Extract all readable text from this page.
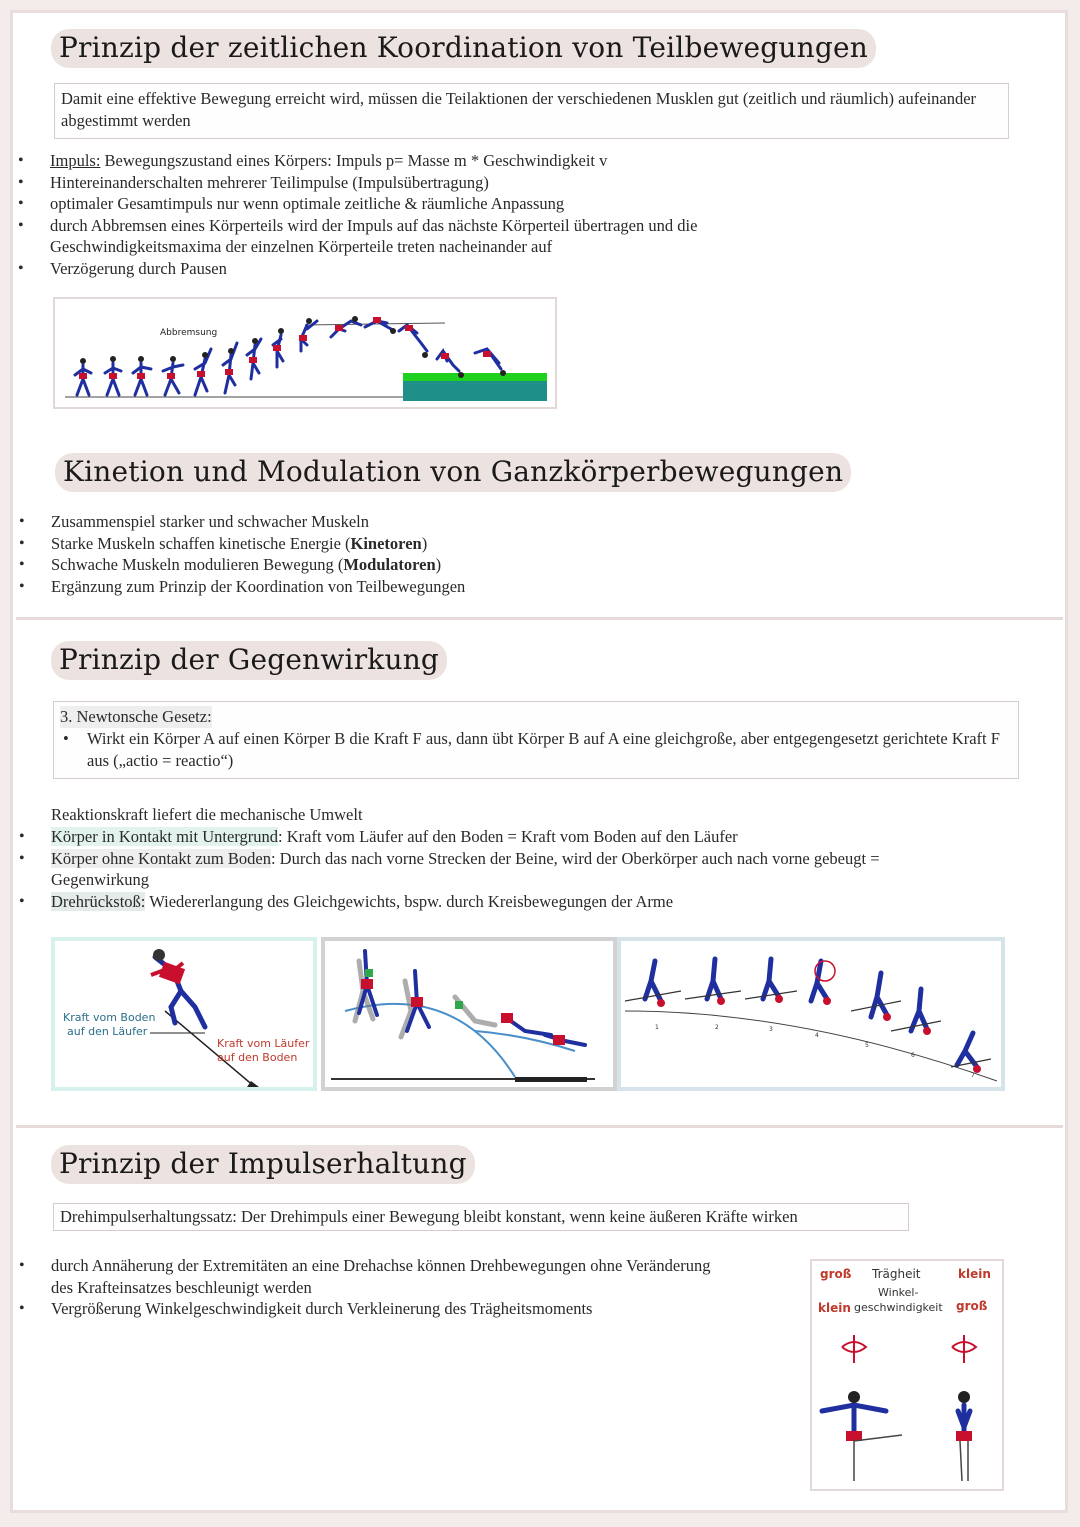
Prinzip der zeitlichen Koordination von Teilbewegungen
Damit eine effektive Bewegung erreicht wird, müssen die Teilaktionen der verschiedenen Musklen gut (zeitlich und räumlich) aufeinander abgestimmt werden
• Impuls: Bewegungszustand eines Körpers: Impuls p= Masse m * Geschwindigkeit v
• Hintereinanderschalten mehrerer Teilimpulse (Impulsübertragung)
• optimaler Gesamtimpuls nur wenn optimale zeitliche & räumliche Anpassung
• durch Abbremsen eines Körperteils wird der Impuls auf das nächste Körperteil übertragen und die Geschwindigkeitsmaxima der einzelnen Körperteile treten nacheinander auf
• Verzögerung durch Pausen
Abbremsung
Kinetion und Modulation von Ganzkörperbewegungen
• Zusammenspiel starker und schwacher Muskeln
• Starke Muskeln schaffen kinetische Energie (Kinetoren)
• Schwache Muskeln modulieren Bewegung (Modulatoren)
• Ergänzung zum Prinzip der Koordination von Teilbewegungen
Prinzip der Gegenwirkung
3. Newtonsche Gesetz:
• Wirkt ein Körper A auf einen Körper B die Kraft F aus, dann übt Körper B auf A eine gleichgroße, aber entgegengesetzt gerichtete Kraft F aus („actio = reactio“)
Reaktionskraft liefert die mechanische Umwelt
• Körper in Kontakt mit Untergrund: Kraft vom Läufer auf den Boden = Kraft vom Boden auf den Läufer
• Körper ohne Kontakt zum Boden: Durch das nach vorne Strecken der Beine, wird der Oberkörper auch nach vorne gebeugt = Gegenwirkung
• Drehrückstoß: Wiedererlangung des Gleichgewichts, bspw. durch Kreisbewegungen der Arme
Kraft vom Boden
auf den Läufer
Kraft vom Läufer
auf den Boden
1	2	3
4
5
6
7
Prinzip der Impulserhaltung
Drehimpulserhaltungssatz: Der Drehimpuls einer Bewegung bleibt konstant, wenn keine äußeren Kräfte wirken
• durch Annäherung der Extremitäten an eine Drehachse können Drehbewegungen ohne Veränderung des Krafteinsatzes beschleunigt werden
• Vergrößerung Winkelgeschwindigkeit durch Verkleinerung des Trägheitsmoments
groß Trägheit	klein
Winkel-
klein geschwindigkeit groß
